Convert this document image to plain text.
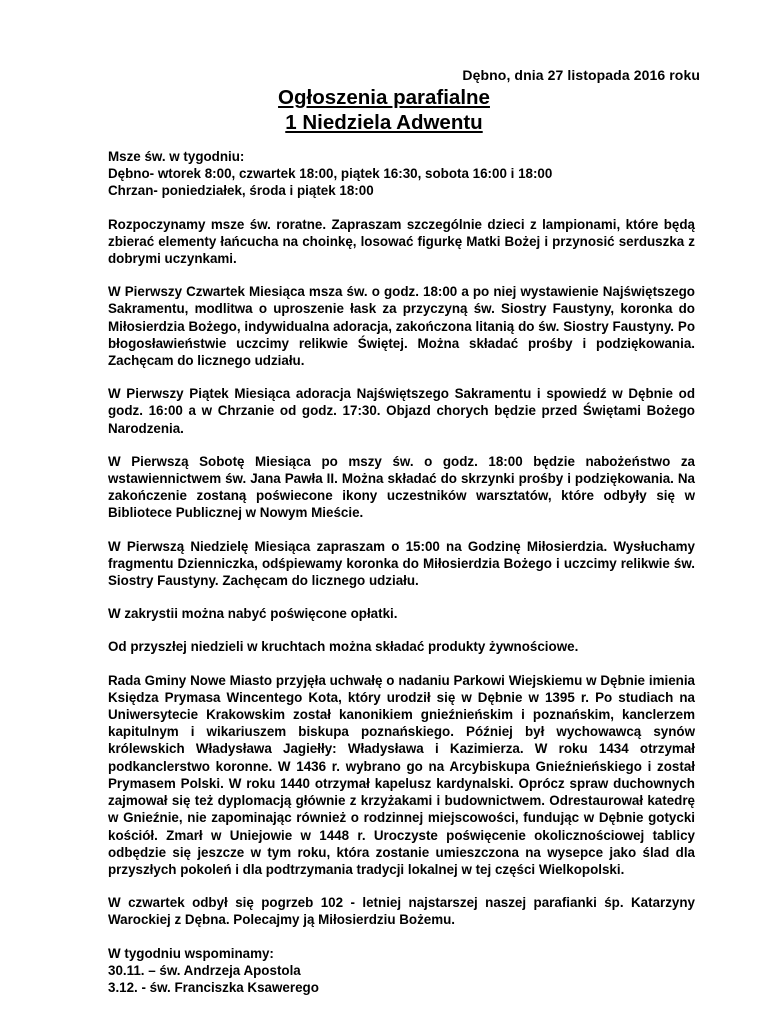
Dębno, dnia 27 listopada 2016 roku
Ogłoszenia parafialne
1 Niedziela Adwentu

Msze św. w tygodniu:
Dębno- wtorek 8:00, czwartek 18:00, piątek 16:30, sobota 16:00 i 18:00
Chrzan- poniedziałek, środa i piątek 18:00

Rozpoczynamy msze św. roratne. Zapraszam szczególnie dzieci z lampionami, które będą zbierać elementy łańcucha na choinkę, losować figurkę Matki Bożej i przynosić serduszka z dobrymi uczynkami.

W Pierwszy Czwartek Miesiąca msza św. o godz. 18:00 a po niej wystawienie Najświętszego Sakramentu, modlitwa o uproszenie łask za przyczyną św. Siostry Faustyny, koronka do Miłosierdzia Bożego, indywidualna adoracja, zakończona litanią do św. Siostry Faustyny. Po błogosławieństwie uczcimy relikwie Świętej. Można składać prośby i podziękowania. Zachęcam do licznego udziału.

W Pierwszy Piątek Miesiąca adoracja Najświętszego Sakramentu i spowiedź w Dębnie od godz. 16:00 a w Chrzanie od godz. 17:30. Objazd chorych będzie przed Świętami Bożego Narodzenia.

W Pierwszą Sobotę Miesiąca po mszy św. o godz. 18:00 będzie nabożeństwo za wstawiennictwem św. Jana Pawła II. Można składać do skrzynki prośby i podziękowania. Na zakończenie zostaną poświecone ikony uczestników warsztatów, które odbyły się w Bibliotece Publicznej w Nowym Mieście.

W Pierwszą Niedzielę Miesiąca zapraszam o 15:00 na Godzinę Miłosierdzia. Wysłuchamy fragmentu Dzienniczka, odśpiewamy koronka do Miłosierdzia Bożego i uczcimy relikwie św. Siostry Faustyny. Zachęcam do licznego udziału.

W zakrystii można nabyć poświęcone opłatki.

Od przyszłej niedzieli w kruchtach można składać produkty żywnościowe.

Rada Gminy Nowe Miasto przyjęła uchwałę o nadaniu Parkowi Wiejskiemu w Dębnie imienia Księdza Prymasa Wincentego Kota, który urodził się w Dębnie w 1395 r. Po studiach na Uniwersytecie Krakowskim został kanonikiem gnieźnieńskim i poznańskim, kanclerzem kapitulnym i wikariuszem biskupa poznańskiego. Później był wychowawcą synów królewskich Władysława Jagiełły: Władysława i Kazimierza. W roku 1434 otrzymał podkanclerstwo koronne. W 1436 r. wybrano go na Arcybiskupa Gnieźnieńskiego i został Prymasem Polski. W roku 1440 otrzymał kapelusz kardynalski. Oprócz spraw duchownych zajmował się też dyplomacją głównie z krzyżakami i budownictwem. Odrestaurował katedrę w Gnieźnie, nie zapominając również o rodzinnej miejscowości, fundując w Dębnie gotycki kościół. Zmarł w Uniejowie w 1448 r. Uroczyste poświęcenie okolicznościowej tablicy odbędzie się jeszcze w tym roku, która zostanie umieszczona na wysepce jako ślad dla przyszłych pokoleń i dla podtrzymania tradycji lokalnej w tej części Wielkopolski.

W czwartek odbył się pogrzeb 102 - letniej najstarszej naszej parafianki śp. Katarzyny Warockiej z Dębna. Polecajmy ją Miłosierdziu Bożemu.

W tygodniu wspominamy:
30.11. – św. Andrzeja Apostola
3.12. - św. Franciszka Ksawerego
